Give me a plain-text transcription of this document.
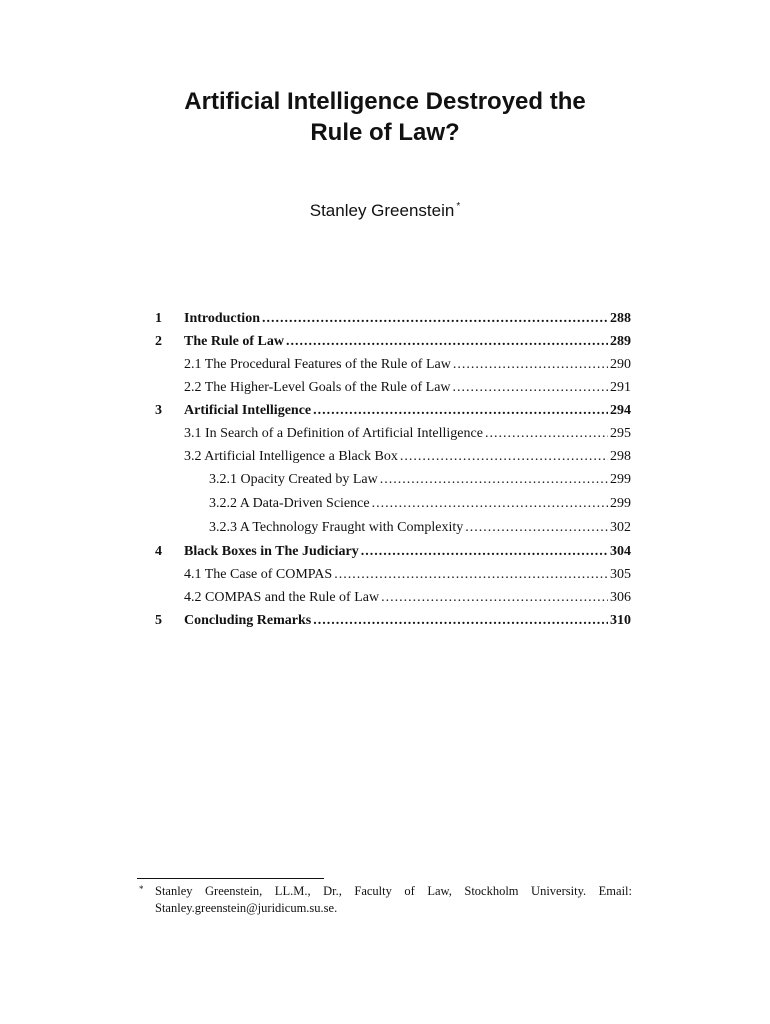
Artificial Intelligence Destroyed the
Rule of Law?
Stanley Greenstein *
1	Introduction .....	288
2	The Rule of Law .....	289
2.1 The Procedural Features of the Rule of Law .....	290
2.2 The Higher-Level Goals of the Rule of Law .....	291
3	Artificial Intelligence .....	294
3.1 In Search of a Definition of Artificial Intelligence .....	295
3.2 Artificial Intelligence a Black Box .....	298
3.2.1 Opacity Created by Law .....	299
3.2.2 A Data-Driven Science .....	299
3.2.3 A Technology Fraught with Complexity .....	302
4	Black Boxes in The Judiciary .....	304
4.1 The Case of COMPAS .....	305
4.2 COMPAS and the Rule of Law .....	306
5	Concluding Remarks .....	310
* Stanley Greenstein, LL.M., Dr., Faculty of Law, Stockholm University. Email:
Stanley.greenstein@juridicum.su.se.
